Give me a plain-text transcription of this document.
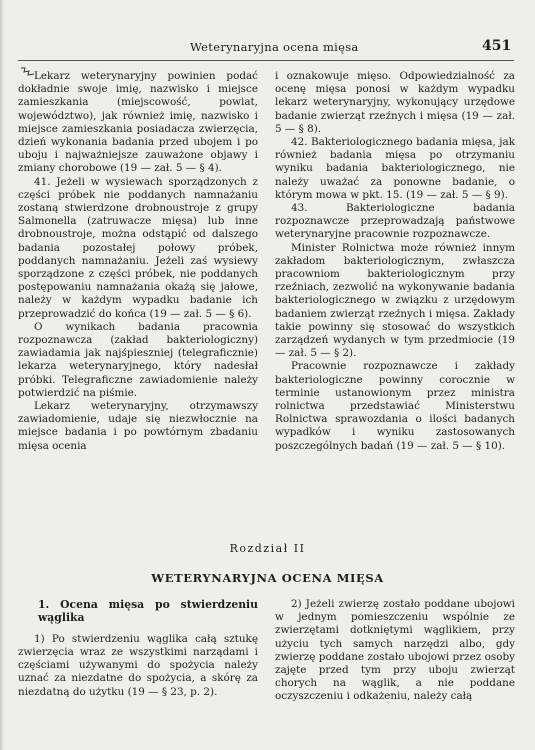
Weterynaryjna ocena mięsa	451

Lekarz weterynaryjny powinien podać dokładnie swoje imię, nazwisko i miejsce zamieszkania (miejscowość, powiat, województwo), jak również imię, nazwisko i miejsce zamieszkania posiadacza zwierzęcia, dzień wykonania badania przed ubojem i po uboju i najważniejsze zauważone objawy i zmiany chorobowe (19 — zał. 5 — § 4).

41. Jeżeli w wysiewach sporządzonych z części próbek nie poddanych namnażaniu zostaną stwierdzone drobnoustroje z grupy Salmonella (zatruwacze mięsa) lub inne drobnoustroje, można odstąpić od dalszego badania pozostałej połowy próbek, poddanych namnażaniu. Jeżeli zaś wysiewy sporządzone z części próbek, nie poddanych postępowaniu namnażania okażą się jałowe, należy w każdym wypadku badanie ich przeprowadzić do końca (19 — zał. 5 — § 6).

O wynikach badania pracownia rozpoznawcza (zakład bakteriologiczny) zawiadamia jak najśpieszniej (telegraficznie) lekarza weterynaryjnego, który nadesłał próbki. Telegraficzne zawiadomienie należy potwierdzić na piśmie.

Lekarz weterynaryjny, otrzymawszy zawiadomienie, udaje się niezwłocznie na miejsce badania i po powtórnym zbadaniu mięsa ocenia

i oznakowuje mięso. Odpowiedzialność za ocenę mięsa ponosi w każdym wypadku lekarz weterynaryjny, wykonujący urzędowe badanie zwierząt rzeźnych i mięsa (19 — zał. 5 — § 8).

42. Bakteriologicznego badania mięsa, jak również badania mięsa po otrzymaniu wyniku badania bakteriologicznego, nie należy uważać za ponowne badanie, o którym mowa w pkt. 15. (19 — zał. 5 — § 9).

43. Bakteriologiczne badania rozpoznawcze przeprowadzają państwowe weterynaryjne pracownie rozpoznawcze.

Minister Rolnictwa może również innym zakładom bakteriologicznym, zwłaszcza pracowniom bakteriologicznym przy rzeźniach, zezwolić na wykonywanie badania bakteriologicznego w związku z urzędowym badaniem zwierząt rzeźnych i mięsa. Zakłady takie powinny się stosować do wszystkich zarządzeń wydanych w tym przedmiocie (19 — zał. 5 — § 2).

Pracownie rozpoznawcze i zakłady bakteriologiczne powinny corocznie w terminie ustanowionym przez ministra rolnictwa przedstawiać Ministerstwu Rolnictwa sprawozdania o ilości badanych wypadków i wyniku zastosowanych poszczególnych badań (19 — zał. 5 — § 10).

Rozdział II
WETERYNARYJNA OCENA MIĘSA
1. Ocena mięsa po stwierdzeniu wąglika

1) Po stwierdzeniu wąglika całą sztukę zwierzęcia wraz ze wszystkimi narządami i częściami używanymi do spożycia należy uznać za niezdatne do spożycia, a skórę za niezdatną do użytku (19 — § 23, p. 2).

2) Jeżeli zwierzę zostało poddane ubojowi w jednym pomieszczeniu wspólnie ze zwierzętami dotkniętymi wąglikiem, przy użyciu tych samych narzędzi albo, gdy zwierzę poddane zostało ubojowi przez osoby zajęte przed tym przy uboju zwierząt chorych na wąglik, a nie poddane oczyszczeniu i odkażeniu, należy całą
